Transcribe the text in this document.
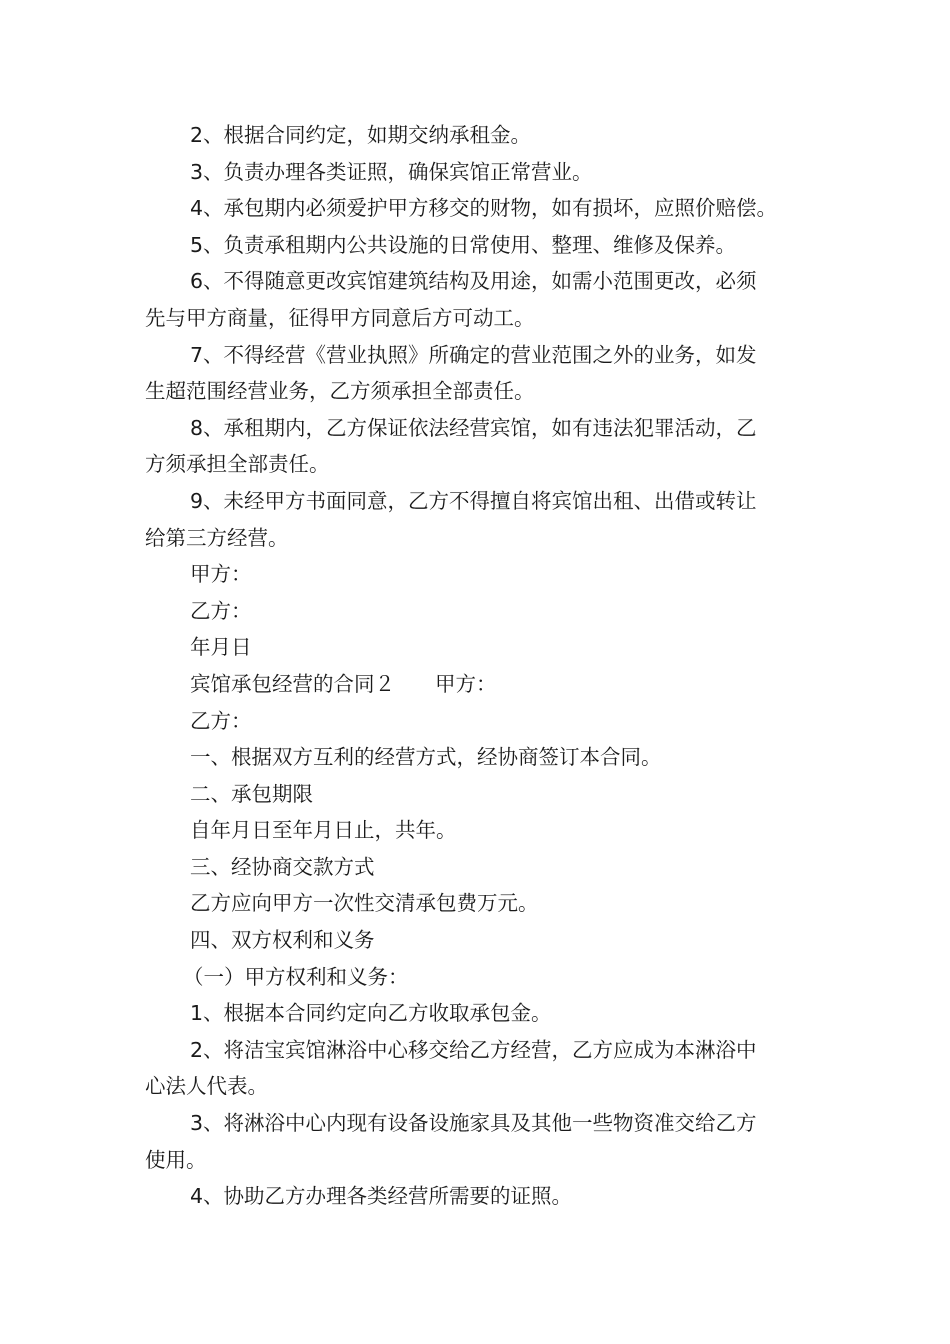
2、根据合同约定，如期交纳承租金。
3、负责办理各类证照，确保宾馆正常营业。
4、承包期内必须爱护甲方移交的财物，如有损坏，应照价赔偿。
5、负责承租期内公共设施的日常使用、整理、维修及保养。
6、不得随意更改宾馆建筑结构及用途，如需小范围更改，必须
先与甲方商量，征得甲方同意后方可动工。
7、不得经营《营业执照》所确定的营业范围之外的业务，如发
生超范围经营业务，乙方须承担全部责任。
8、承租期内，乙方保证依法经营宾馆，如有违法犯罪活动，乙
方须承担全部责任。
9、未经甲方书面同意，乙方不得擅自将宾馆出租、出借或转让
给第三方经营。
甲方：
乙方：
年月日
宾馆承包经营的合同２ 甲方：
乙方：
一、根据双方互利的经营方式，经协商签订本合同。
二、承包期限
自年月日至年月日止，共年。
三、经协商交款方式
乙方应向甲方一次性交清承包费万元。
四、双方权利和义务
（一）甲方权利和义务：
1、根据本合同约定向乙方收取承包金。
2、将洁宝宾馆淋浴中心移交给乙方经营，乙方应成为本淋浴中
心法人代表。
3、将淋浴中心内现有设备设施家具及其他一些物资准交给乙方
使用。
4、协助乙方办理各类经营所需要的证照。
